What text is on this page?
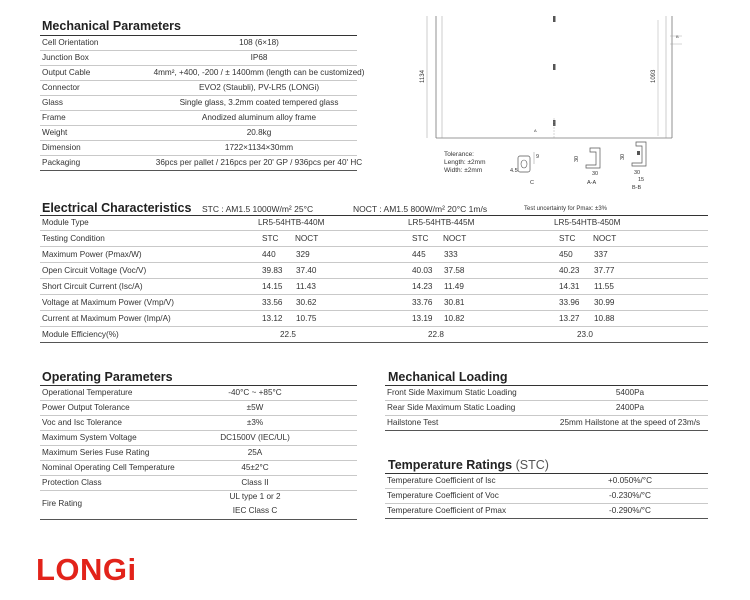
Mechanical Parameters
Cell Orientation	108 (6×18)
Junction Box	IP68
Output Cable	4mm², +400, -200 / ± 1400mm (length can be customized)
Connector	EVO2 (Staubli), PV-LR5 (LONGi)
Glass	Single glass, 3.2mm coated tempered glass
Frame	Anodized aluminum alloy frame
Weight	20.8kg
Dimension	1722×1134×30mm
Packaging	36pcs per pallet / 216pcs per 20' GP / 936pcs per 40' HC
1134	1093
A
B
Tolerance:
Length: ±2mm
Width: ±2mm
9
4.5
C
30
30
A-A
30
30
15
B-B
Electrical Characteristics STC : AM1.5 1000W/m² 25°C	NOCT : AM1.5 800W/m² 20°C 1m/s	Test uncertainty for Pmax: ±3%
Module Type	LR5-54HTB-440M	LR5-54HTB-445M	LR5-54HTB-450M
Testing Condition	STC NOCT	STC NOCT	STC NOCT
Maximum Power (Pmax/W)	440 329	445 333	450	337
Open Circuit Voltage (Voc/V)	39.83 37.40	40.03 37.58	40.23 37.77
Short Circuit Current (Isc/A)	14.15 11.43	14.23 11.49	14.31 11.55
Voltage at Maximum Power (Vmp/V)	33.56 30.62	33.76 30.81	33.96 30.99
Current at Maximum Power (Imp/A)	13.12 10.75	13.19 10.82	13.27 10.88
Module Efficiency(%)	22.5	22.8	23.0
Operating Parameters
Operational Temperature	-40°C ~ +85°C
Power Output Tolerance	±5W
Voc and Isc Tolerance	±3%
Maximum System Voltage	DC1500V (IEC/UL)
Maximum Series Fuse Rating	25A
Nominal Operating Cell Temperature	45±2°C
Protection Class	Class II
Fire Rating
UL type 1 or 2
IEC Class C
Mechanical Loading
Front Side Maximum Static Loading	5400Pa
Rear Side Maximum Static Loading	2400Pa
Hailstone Test	25mm Hailstone at the speed of 23m/s
Temperature Ratings (STC)
Temperature Coefficient of Isc	+0.050%/°C
Temperature Coefficient of Voc	-0.230%/°C
Temperature Coefficient of Pmax	-0.290%/°C
LONGi
